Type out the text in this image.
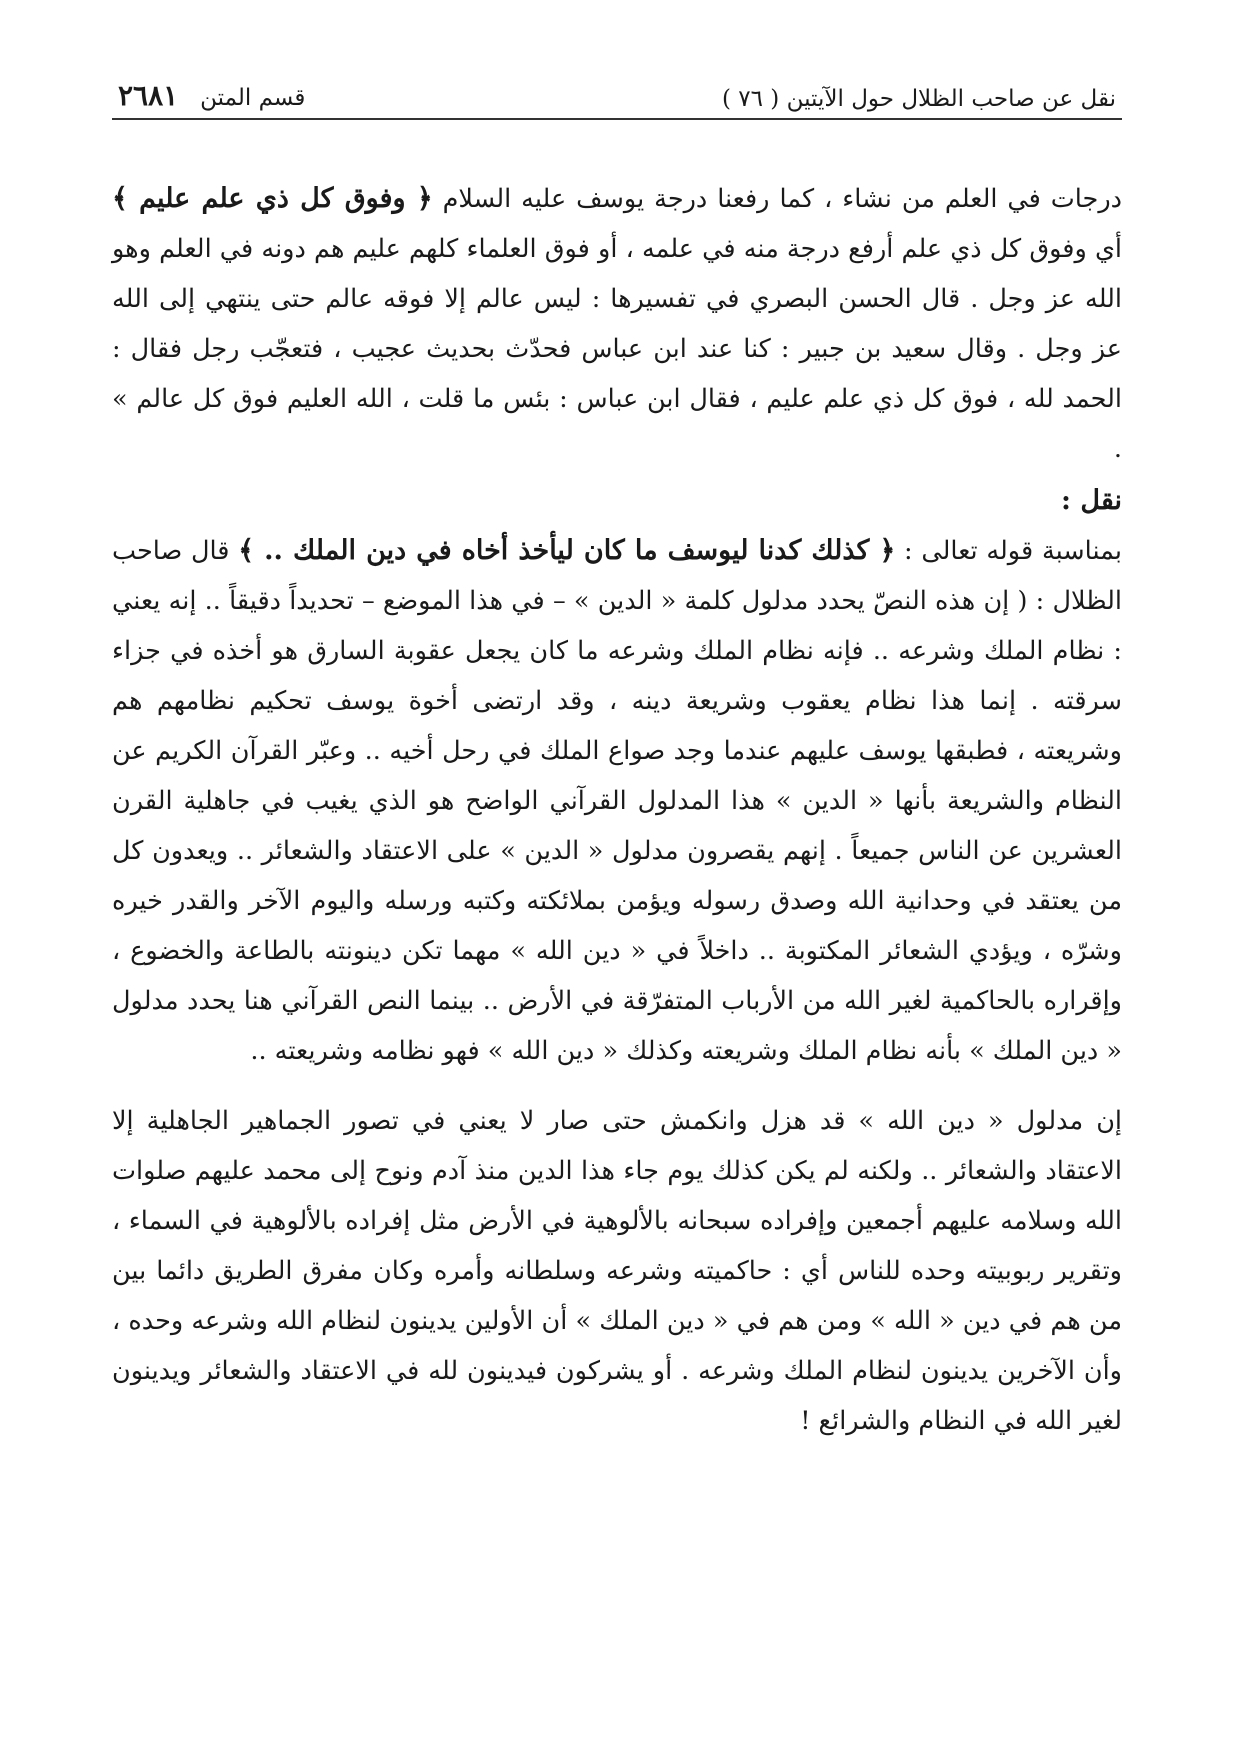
نقل عن صاحب الظلال حول الآيتين ( ٧٦ )
قسم المتن
٢٦٨١

درجات في العلم من نشاء ، كما رفعنا درجة يوسف عليه السلام ﴿ وفوق كل ذي علم عليم ﴾ أي وفوق كل ذي علم أرفع درجة منه في علمه ، أو فوق العلماء كلهم عليم هم دونه في العلم وهو الله عز وجل . قال الحسن البصري في تفسيرها : ليس عالم إلا فوقه عالم حتى ينتهي إلى الله عز وجل . وقال سعيد بن جبير : كنا عند ابن عباس فحدّث بحديث عجيب ، فتعجّب رجل فقال : الحمد لله ، فوق كل ذي علم عليم ، فقال ابن عباس : بئس ما قلت ، الله العليم فوق كل عالم » .

نقل :

بمناسبة قوله تعالى : ﴿ كذلك كدنا ليوسف ما كان ليأخذ أخاه في دين الملك .. ﴾ قال صاحب الظلال : ( إن هذه النصّ يحدد مدلول كلمة « الدين » – في هذا الموضع – تحديداً دقيقاً .. إنه يعني : نظام الملك وشرعه .. فإنه نظام الملك وشرعه ما كان يجعل عقوبة السارق هو أخذه في جزاء سرقته . إنما هذا نظام يعقوب وشريعة دينه ، وقد ارتضى أخوة يوسف تحكيم نظامهم هم وشريعته ، فطبقها يوسف عليهم عندما وجد صواع الملك في رحل أخيه .. وعبّر القرآن الكريم عن النظام والشريعة بأنها « الدين » هذا المدلول القرآني الواضح هو الذي يغيب في جاهلية القرن العشرين عن الناس جميعاً . إنهم يقصرون مدلول « الدين » على الاعتقاد والشعائر .. ويعدون كل من يعتقد في وحدانية الله وصدق رسوله ويؤمن بملائكته وكتبه ورسله واليوم الآخر والقدر خيره وشرّه ، ويؤدي الشعائر المكتوبة .. داخلاً في « دين الله » مهما تكن دينونته بالطاعة والخضوع ، وإقراره بالحاكمية لغير الله من الأرباب المتفرّقة في الأرض .. بينما النص القرآني هنا يحدد مدلول « دين الملك » بأنه نظام الملك وشريعته وكذلك « دين الله » فهو نظامه وشريعته ..

إن مدلول « دين الله » قد هزل وانكمش حتى صار لا يعني في تصور الجماهير الجاهلية إلا الاعتقاد والشعائر .. ولكنه لم يكن كذلك يوم جاء هذا الدين منذ آدم ونوح إلى محمد عليهم صلوات الله وسلامه عليهم أجمعين وإفراده سبحانه بالألوهية في الأرض مثل إفراده بالألوهية في السماء ، وتقرير ربوبيته وحده للناس أي : حاكميته وشرعه وسلطانه وأمره وكان مفرق الطريق دائما بين من هم في دين « الله » ومن هم في « دين الملك » أن الأولين يدينون لنظام الله وشرعه وحده ، وأن الآخرين يدينون لنظام الملك وشرعه . أو يشركون فيدينون لله في الاعتقاد والشعائر ويدينون لغير الله في النظام والشرائع !
